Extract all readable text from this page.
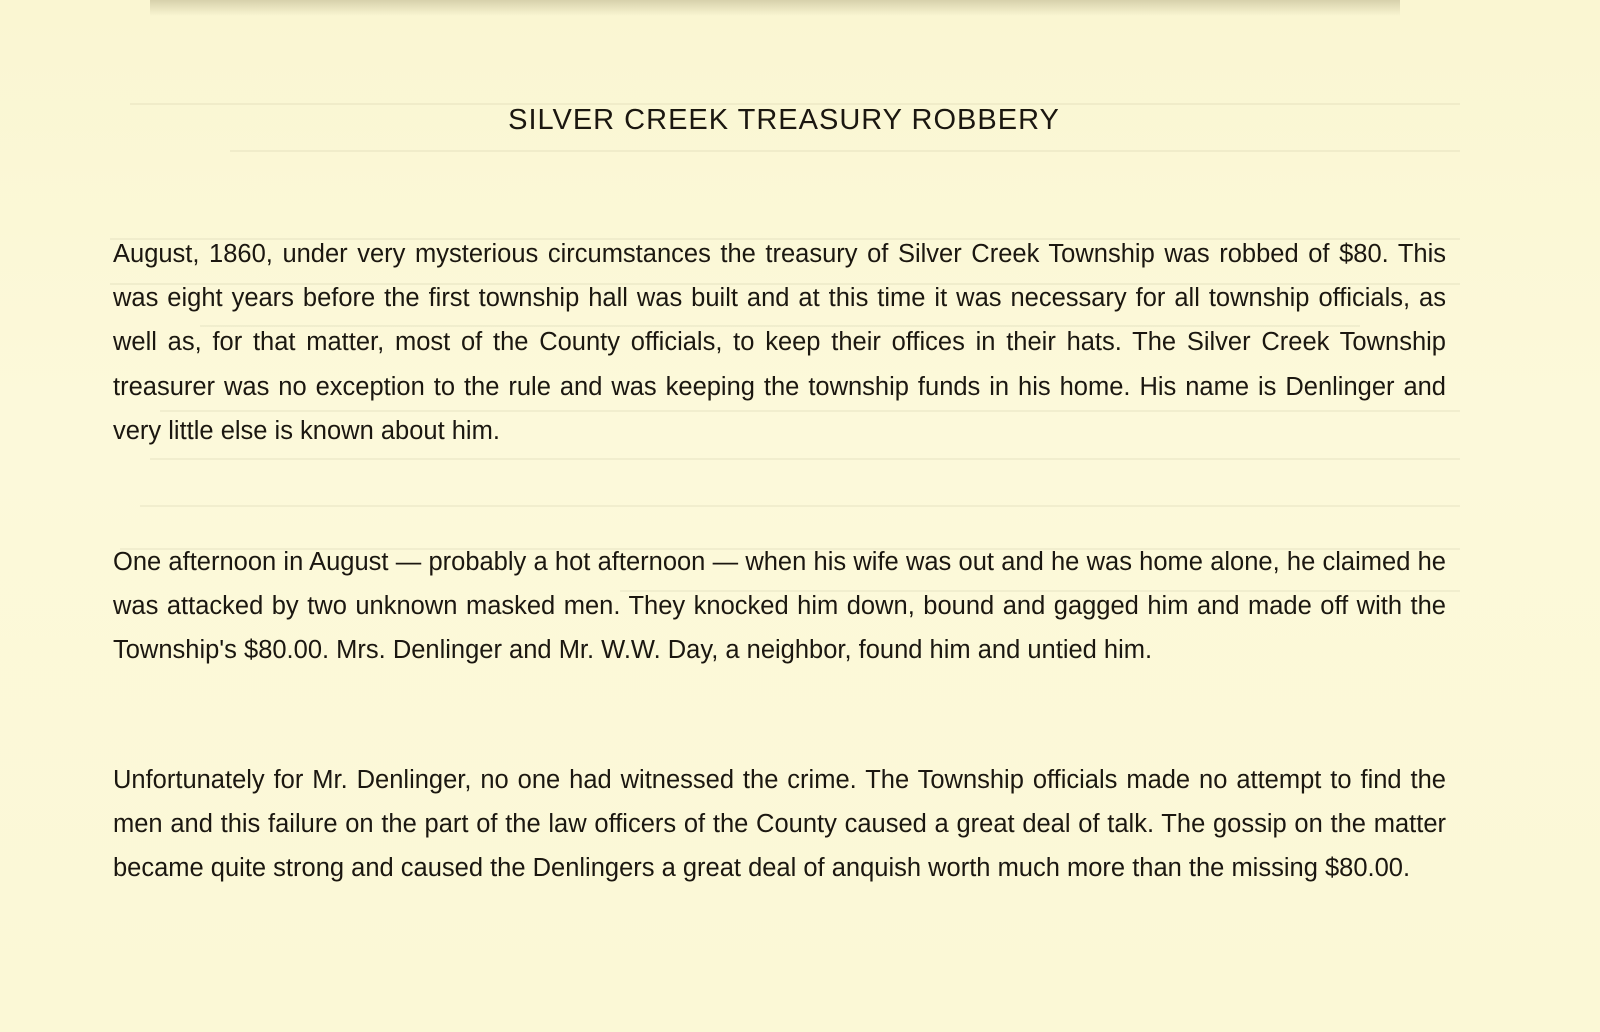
SILVER CREEK TREASURY ROBBERY

August, 1860, under very mysterious circumstances the treasury of Silver Creek Township was robbed of $80. This was eight years before the first township hall was built and at this time it was necessary for all township officials, as well as, for that matter, most of the County officials, to keep their offices in their hats. The Silver Creek Township treasurer was no exception to the rule and was keeping the township funds in his home. His name is Denlinger and very little else is known about him.

One afternoon in August — probably a hot afternoon — when his wife was out and he was home alone, he claimed he was attacked by two unknown masked men. They knocked him down, bound and gagged him and made off with the Township's $80.00. Mrs. Denlinger and Mr. W.W. Day, a neighbor, found him and untied him.

Unfortunately for Mr. Denlinger, no one had witnessed the crime. The Township officials made no attempt to find the men and this failure on the part of the law officers of the County caused a great deal of talk. The gossip on the matter became quite strong and caused the Denlingers a great deal of anquish worth much more than the missing $80.00.
